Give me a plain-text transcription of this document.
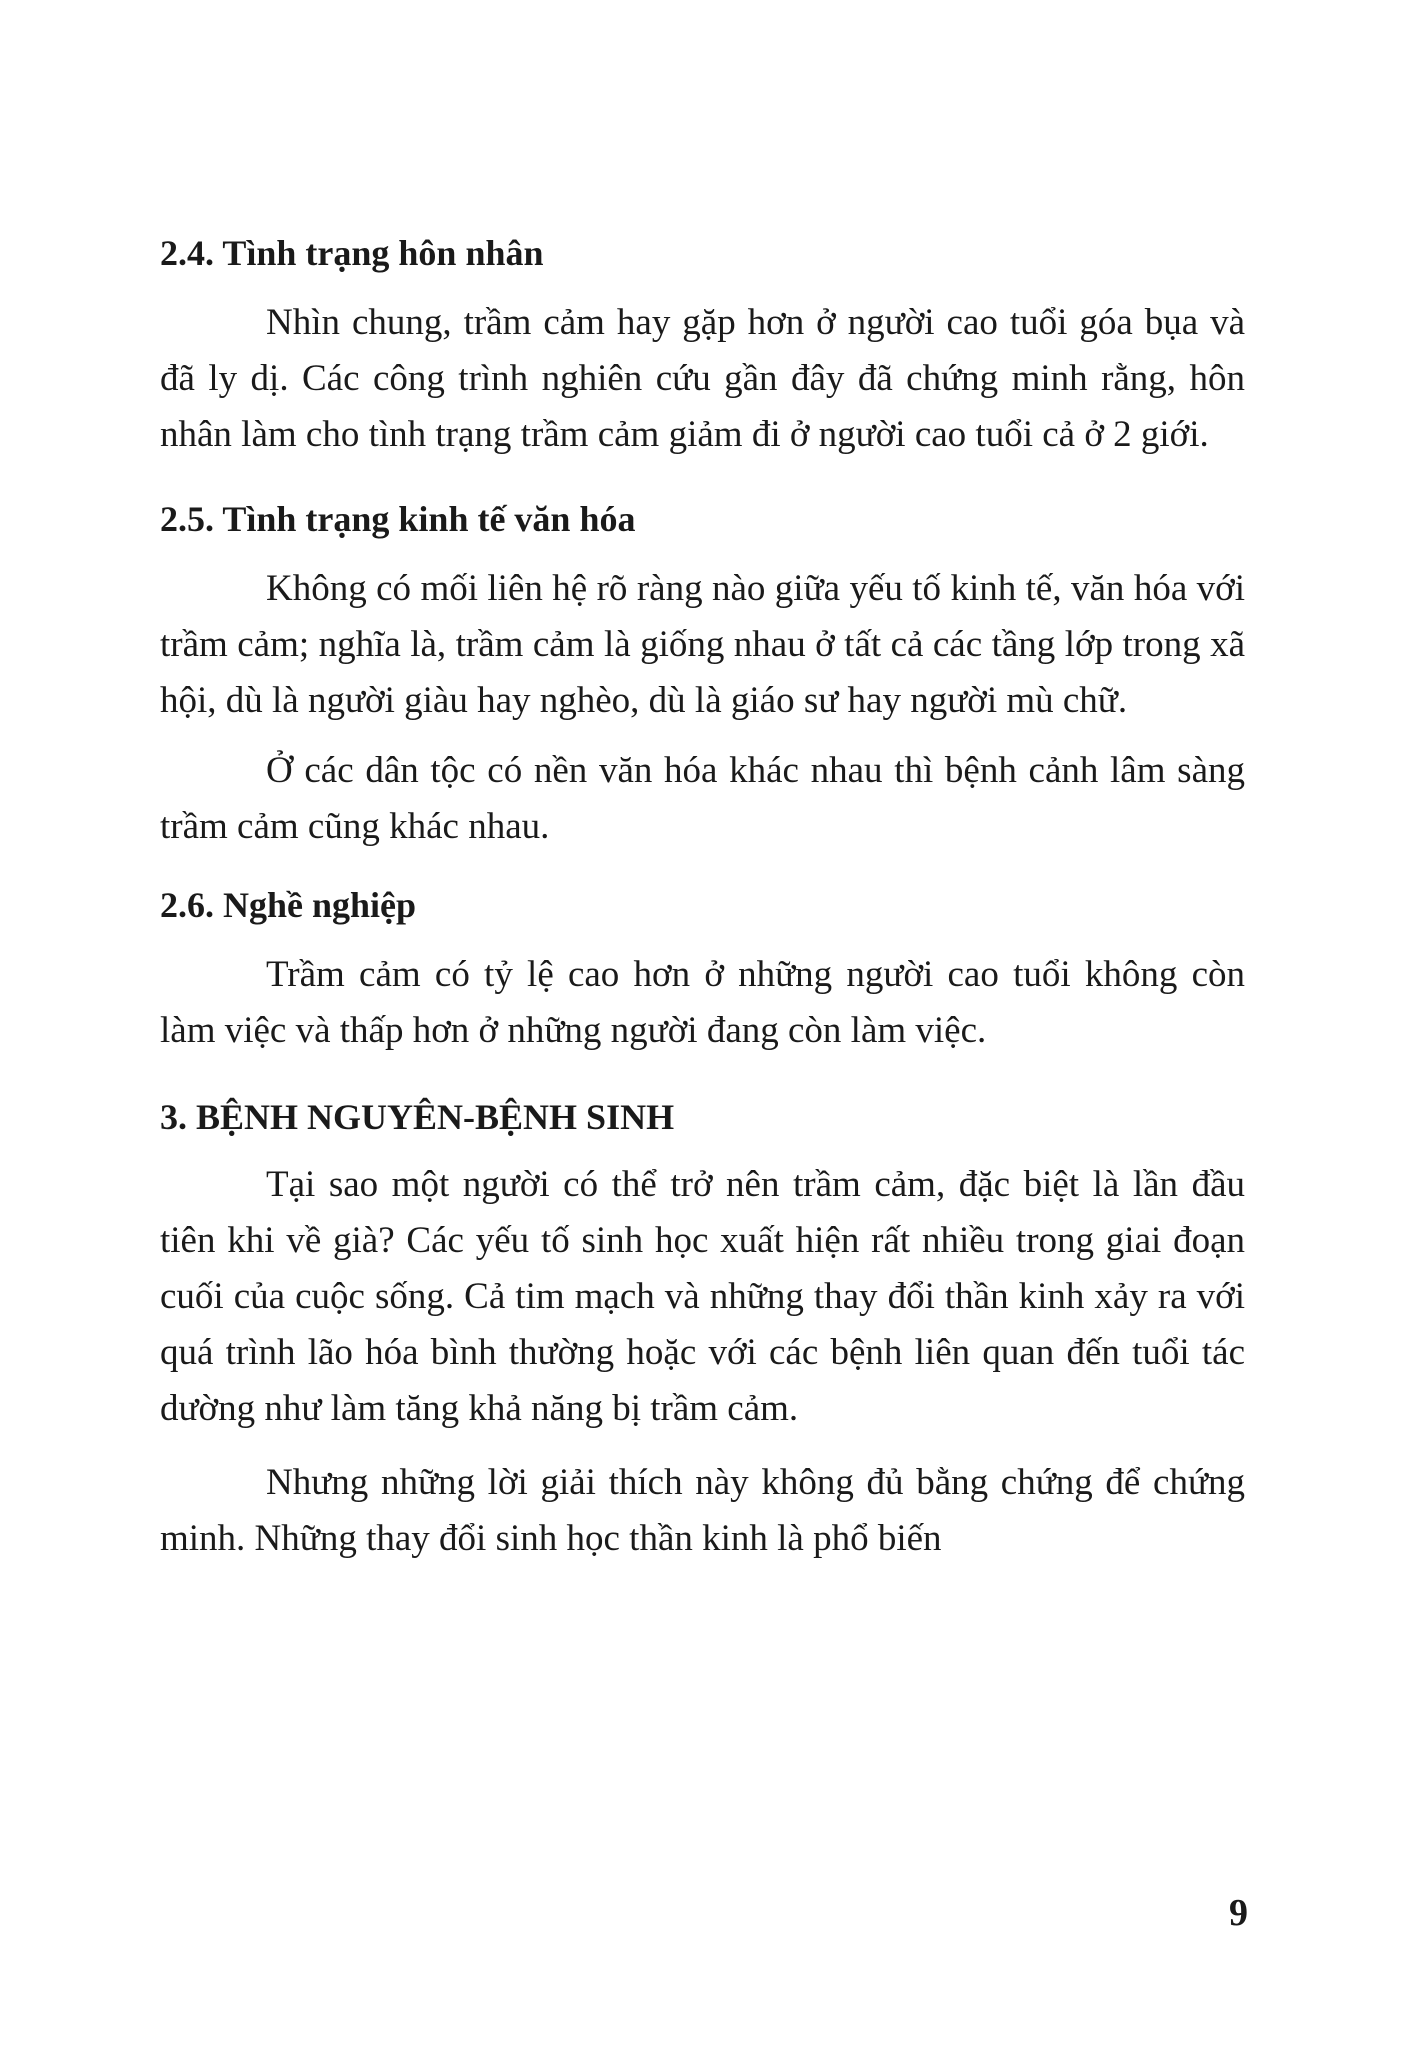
2.4. Tình trạng hôn nhân

Nhìn chung, trầm cảm hay gặp hơn ở người cao tuổi góa bụa và đã ly dị. Các công trình nghiên cứu gần đây đã chứng minh rằng, hôn nhân làm cho tình trạng trầm cảm giảm đi ở người cao tuổi cả ở 2 giới.

2.5. Tình trạng kinh tế văn hóa

Không có mối liên hệ rõ ràng nào giữa yếu tố kinh tế, văn hóa với trầm cảm; nghĩa là, trầm cảm là giống nhau ở tất cả các tầng lớp trong xã hội, dù là người giàu hay nghèo, dù là giáo sư hay người mù chữ.

Ở các dân tộc có nền văn hóa khác nhau thì bệnh cảnh lâm sàng trầm cảm cũng khác nhau.

2.6. Nghề nghiệp

Trầm cảm có tỷ lệ cao hơn ở những người cao tuổi không còn làm việc và thấp hơn ở những người đang còn làm việc.

3. BỆNH NGUYÊN-BỆNH SINH

Tại sao một người có thể trở nên trầm cảm, đặc biệt là lần đầu tiên khi về già? Các yếu tố sinh học xuất hiện rất nhiều trong giai đoạn cuối của cuộc sống. Cả tim mạch và những thay đổi thần kinh xảy ra với quá trình lão hóa bình thường hoặc với các bệnh liên quan đến tuổi tác dường như làm tăng khả năng bị trầm cảm.

Nhưng những lời giải thích này không đủ bằng chứng để chứng minh. Những thay đổi sinh học thần kinh là phổ biến

9
